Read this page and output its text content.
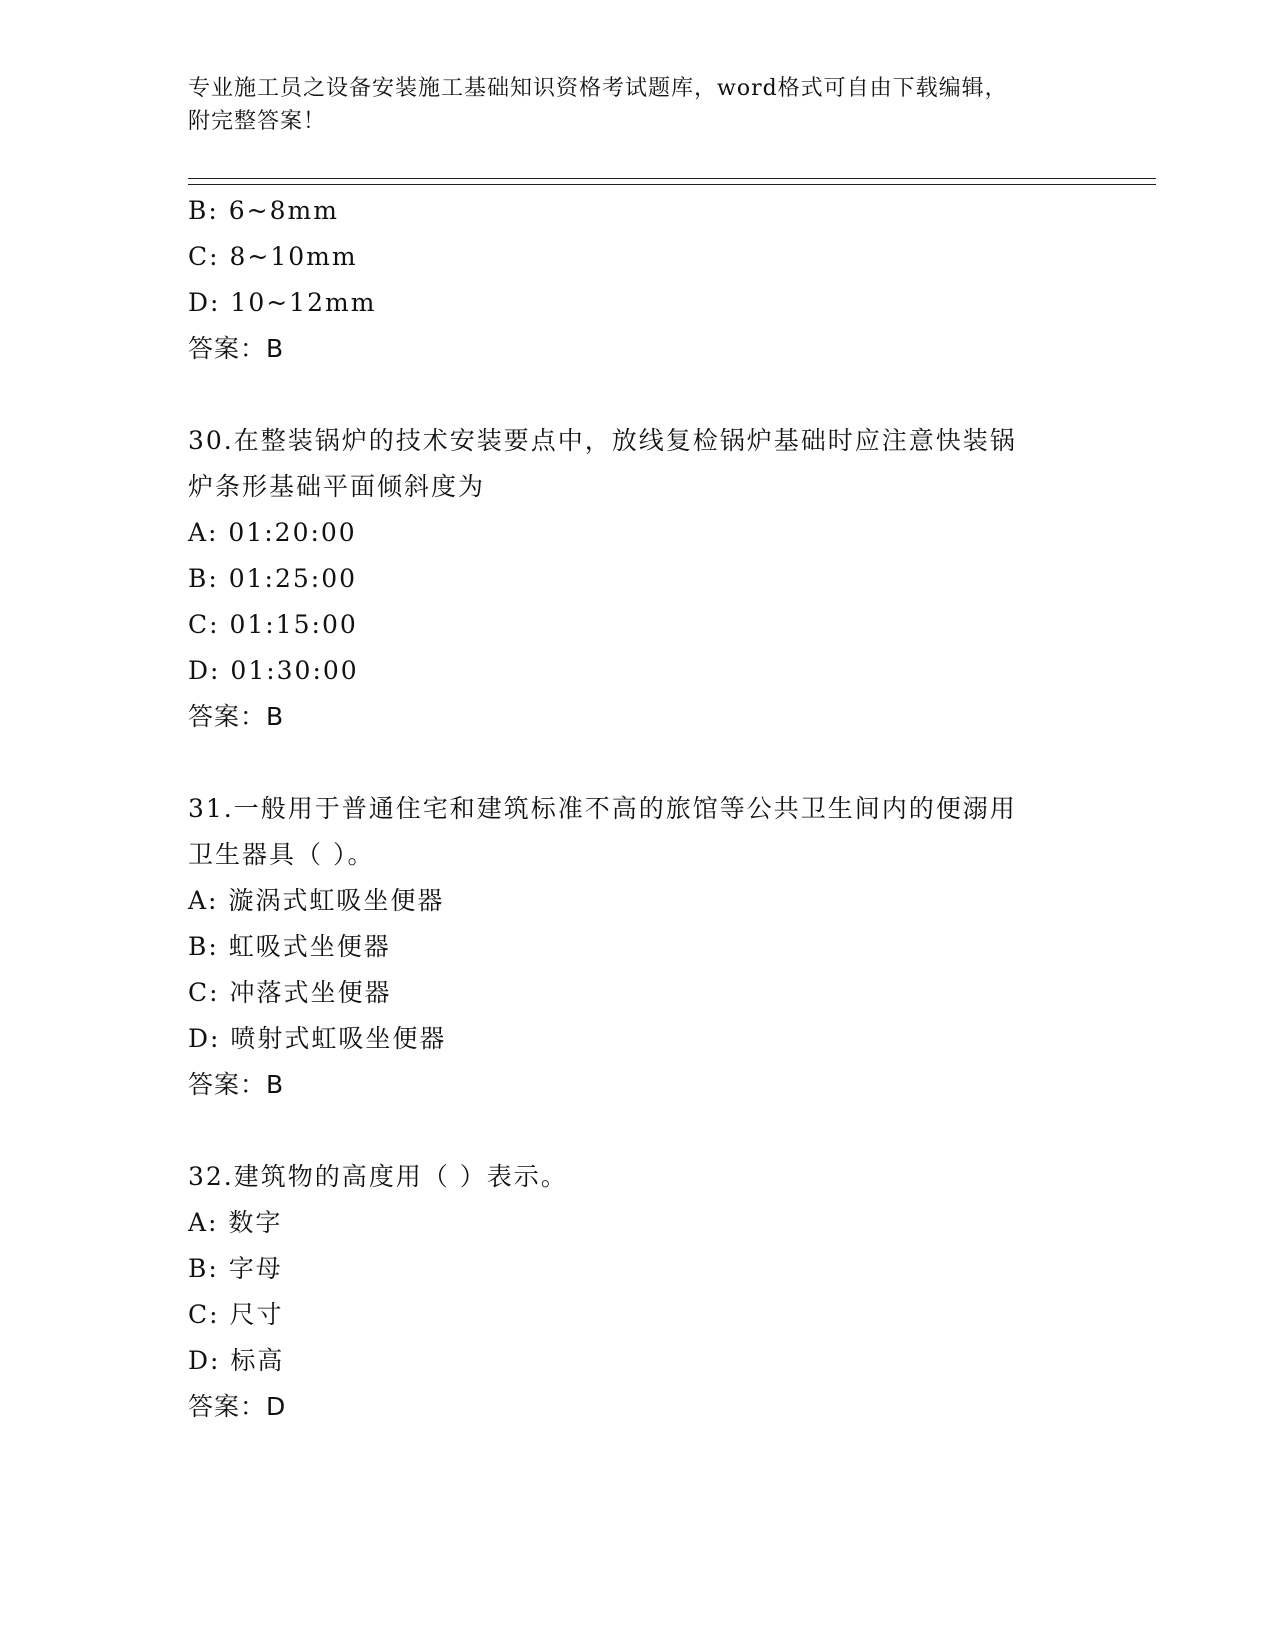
专业施工员之设备安装施工基础知识资格考试题库，word格式可自由下载编辑，
附完整答案！
B: 6~8mm
C: 8~10mm
D: 10~12mm
答案：B
30.在整装锅炉的技术安装要点中，放线复检锅炉基础时应注意快装锅
炉条形基础平面倾斜度为
A: 01:20:00
B: 01:25:00
C: 01:15:00
D: 01:30:00
答案：B
31.一般用于普通住宅和建筑标准不高的旅馆等公共卫生间内的便溺用
卫生器具（ ）。
A: 漩涡式虹吸坐便器
B: 虹吸式坐便器
C: 冲落式坐便器
D: 喷射式虹吸坐便器
答案：B
32.建筑物的高度用（ ）表示。
A: 数字
B: 字母
C: 尺寸
D: 标高
答案：D
